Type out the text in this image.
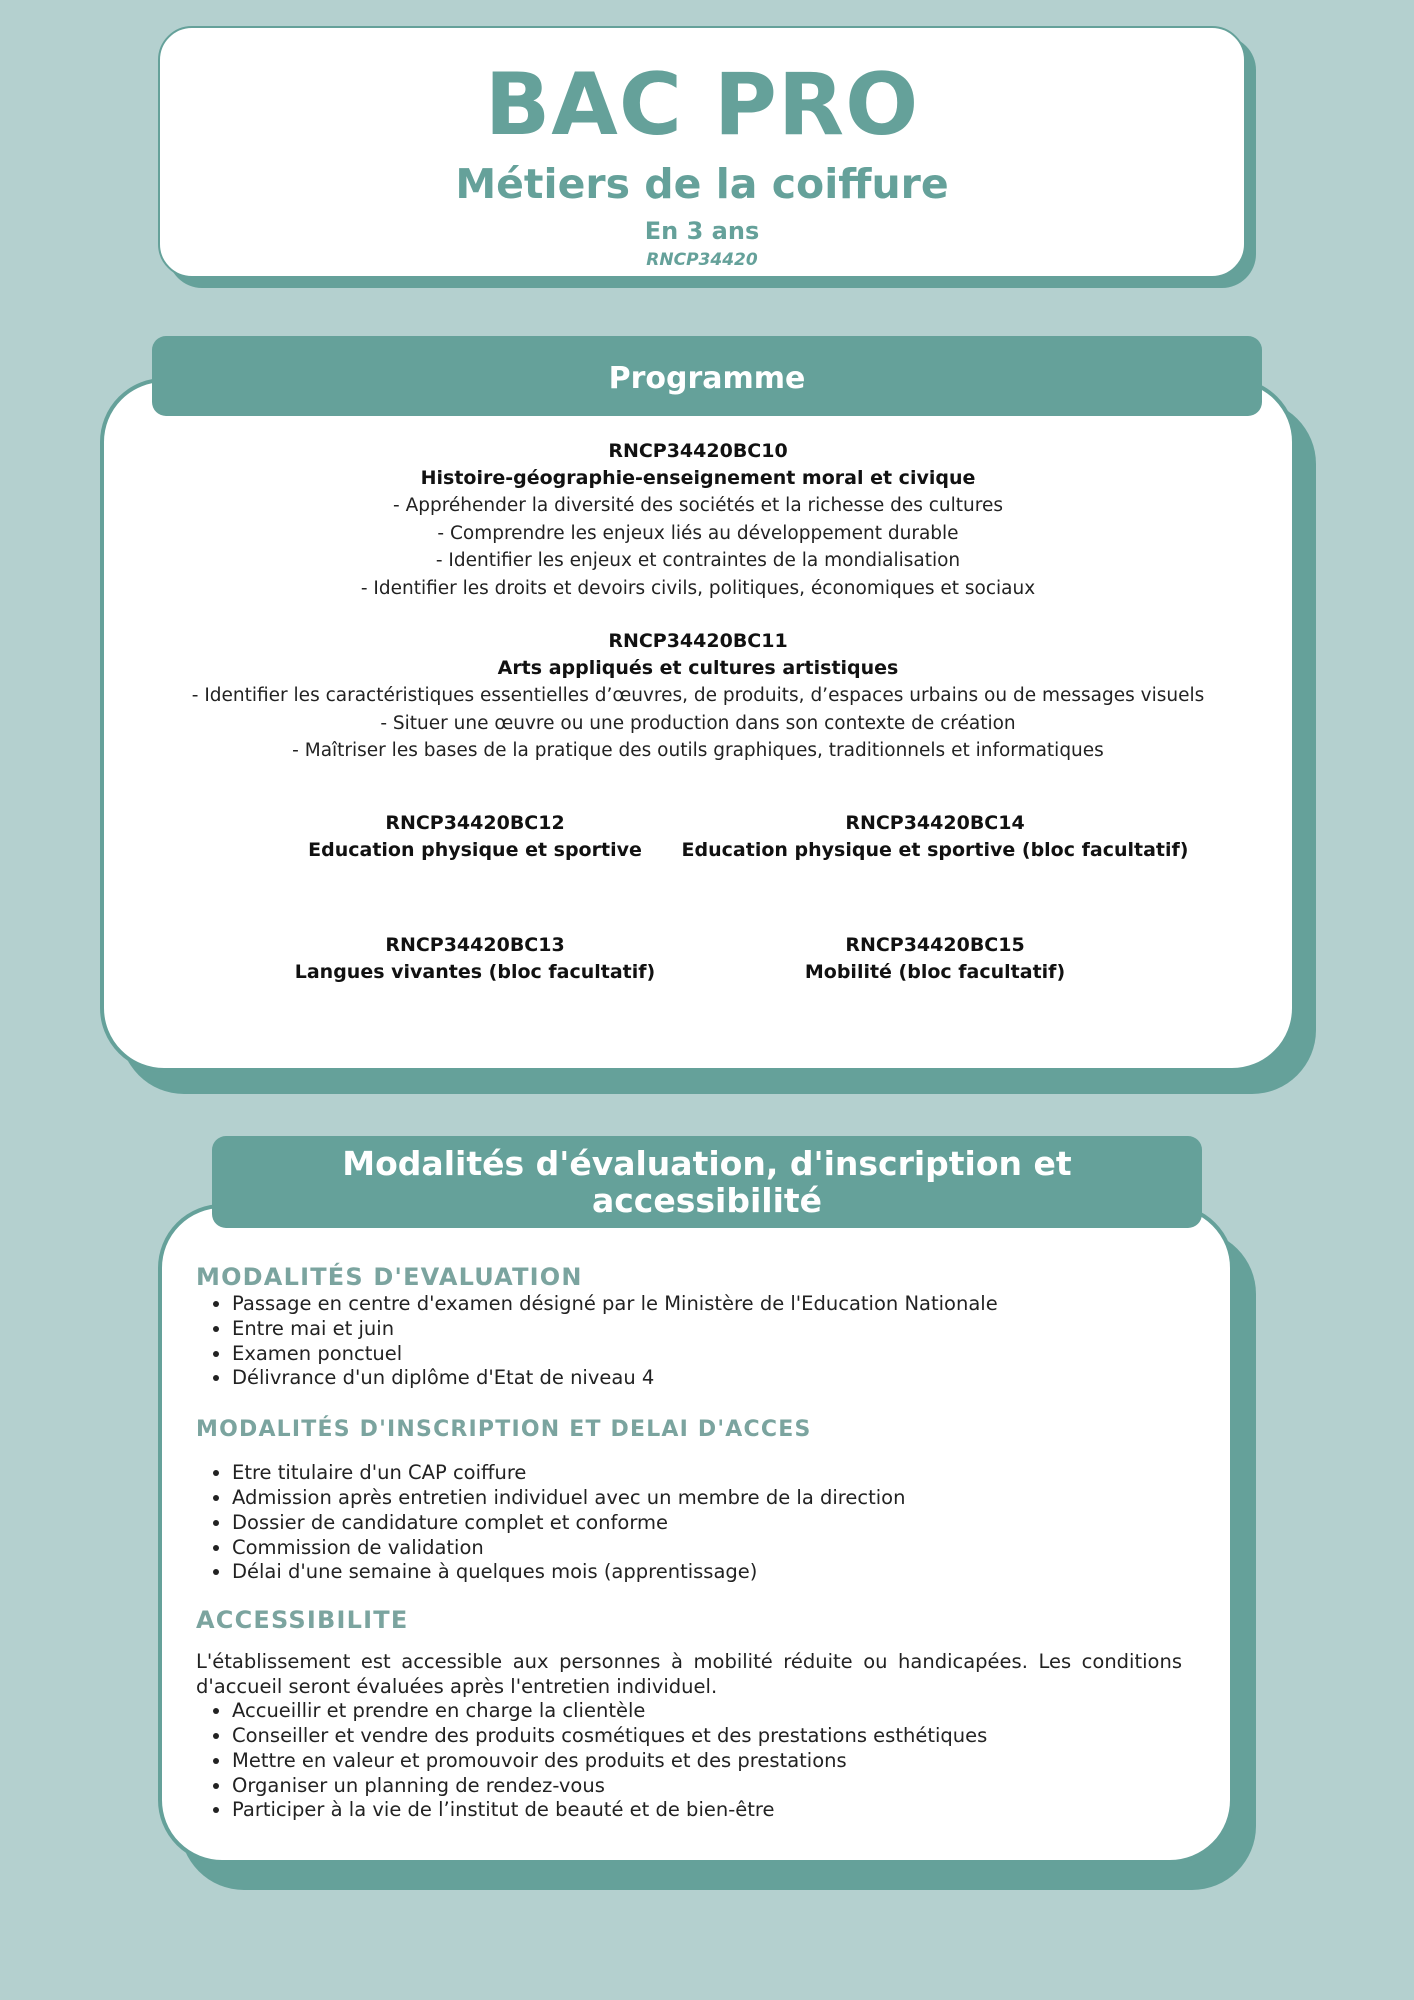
BAC PRO
Métiers de la coiffure
En 3 ans
RNCP34420
Programme
RNCP34420BC10
Histoire-géographie-enseignement moral et civique
- Appréhender la diversité des sociétés et la richesse des cultures
- Comprendre les enjeux liés au développement durable
- Identifier les enjeux et contraintes de la mondialisation
- Identifier les droits et devoirs civils, politiques, économiques et sociaux
RNCP34420BC11
Arts appliqués et cultures artistiques
- Identifier les caractéristiques essentielles d’œuvres, de produits, d’espaces urbains ou de messages visuels
- Situer une œuvre ou une production dans son contexte de création
- Maîtriser les bases de la pratique des outils graphiques, traditionnels et informatiques
RNCP34420BC12
Education physique et sportive
RNCP34420BC14
Education physique et sportive (bloc facultatif)
RNCP34420BC13
Langues vivantes (bloc facultatif)
RNCP34420BC15
Mobilité (bloc facultatif)
Modalités d'évaluation, d'inscription et accessibilité
MODALITÉS D'EVALUATION
• Passage en centre d'examen désigné par le Ministère de l'Education Nationale
• Entre mai et juin
• Examen ponctuel
• Délivrance d'un diplôme d'Etat de niveau 4
MODALITÉS D'INSCRIPTION ET DELAI D'ACCES
• Etre titulaire d'un CAP coiffure
• Admission après entretien individuel avec un membre de la direction
• Dossier de candidature complet et conforme
• Commission de validation
• Délai d'une semaine à quelques mois (apprentissage)
ACCESSIBILITE

L'établissement est accessible aux personnes à mobilité réduite ou handicapées. Les conditions d'accueil seront évaluées après l'entretien individuel.

• Accueillir et prendre en charge la clientèle
• Conseiller et vendre des produits cosmétiques et des prestations esthétiques
• Mettre en valeur et promouvoir des produits et des prestations
• Organiser un planning de rendez-vous
• Participer à la vie de l’institut de beauté et de bien-être
